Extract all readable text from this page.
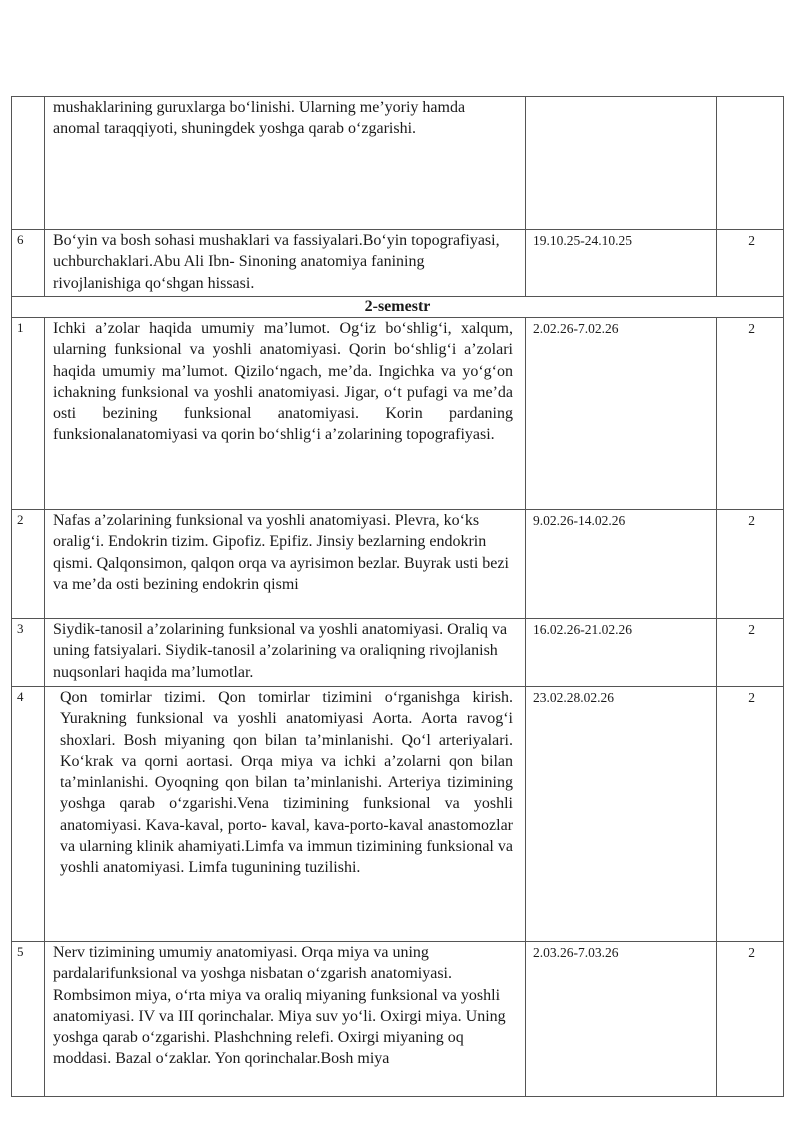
	mushaklarining guruxlarga bo‘linishi. Ularning me’yoriy hamda anomal taraqqiyoti, shuningdek yoshga qarab o‘zgarishi.		
6	Bo‘yin va bosh sohasi mushaklari va fassiyalari.Bo‘yin topografiyasi, uchburchaklari.Abu Ali Ibn- Sinoning anatomiya fanining rivojlanishiga qo‘shgan hissasi.	19.10.25-24.10.25	2
2-semestr			
1	Ichki a’zolar haqida umumiy ma’lumot. Og‘iz bo‘shlig‘i, xalqum, ularning funksional va yoshli anatomiyasi. Qorin bo‘shlig‘i a’zolari haqida umumiy ma’lumot. Qizilo‘ngach, me’da. Ingichka va yo‘g‘on ichakning funksional va yoshli anatomiyasi. Jigar, o‘t pufagi va me’da osti bezining funksional anatomiyasi. Korin pardaning funksionalanatomiyasi va qorin bo‘shlig‘i a’zolarining topografiyasi.	2.02.26-7.02.26	2
2	Nafas a’zolarining funksional va yoshli anatomiyasi. Plevra, ko‘ks oralig‘i. Endokrin tizim. Gipofiz. Epifiz. Jinsiy bezlarning endokrin qismi. Qalqonsimon, qalqon orqa va ayrisimon bezlar. Buyrak usti bezi va me’da osti bezining endokrin qismi	9.02.26-14.02.26	2
3	Siydik-tanosil a’zolarining funksional va yoshli anatomiyasi. Oraliq va uning fatsiyalari. Siydik-tanosil a’zolarining va oraliqning rivojlanish nuqsonlari haqida ma’lumotlar.	16.02.26-21.02.26	2
4	Qon tomirlar tizimi. Qon tomirlar tizimini o‘rganishga kirish. Yurakning funksional va yoshli anatomiyasi Aorta. Aorta ravog‘i shoxlari. Bosh miyaning qon bilan ta’minlanishi. Qo‘l arteriyalari. Ko‘krak va qorni aortasi. Orqa miya va ichki a’zolarni qon bilan ta’minlanishi. Oyoqning qon bilan ta’minlanishi. Arteriya tizimining yoshga qarab o‘zgarishi.Vena tizimining funksional va yoshli anatomiyasi. Kava-kaval, porto- kaval, kava-porto-kaval anastomozlar va ularning klinik ahamiyati.Limfa va immun tizimining funksional va yoshli anatomiyasi. Limfa tugunining tuzilishi.	23.02.28.02.26	2
5	Nerv tizimining umumiy anatomiyasi. Orqa miya va uning pardalarifunksional va yoshga nisbatan o‘zgarish anatomiyasi. Rombsimon miya, o‘rta miya va oraliq miyaning funksional va yoshli anatomiyasi. IV va III qorinchalar. Miya suv yo‘li. Oxirgi miya. Uning yoshga qarab o‘zgarishi. Plashchning relefi. Oxirgi miyaning oq moddasi. Bazal o‘zaklar. Yon qorinchalar.Bosh miya	2.03.26-7.03.26	2
